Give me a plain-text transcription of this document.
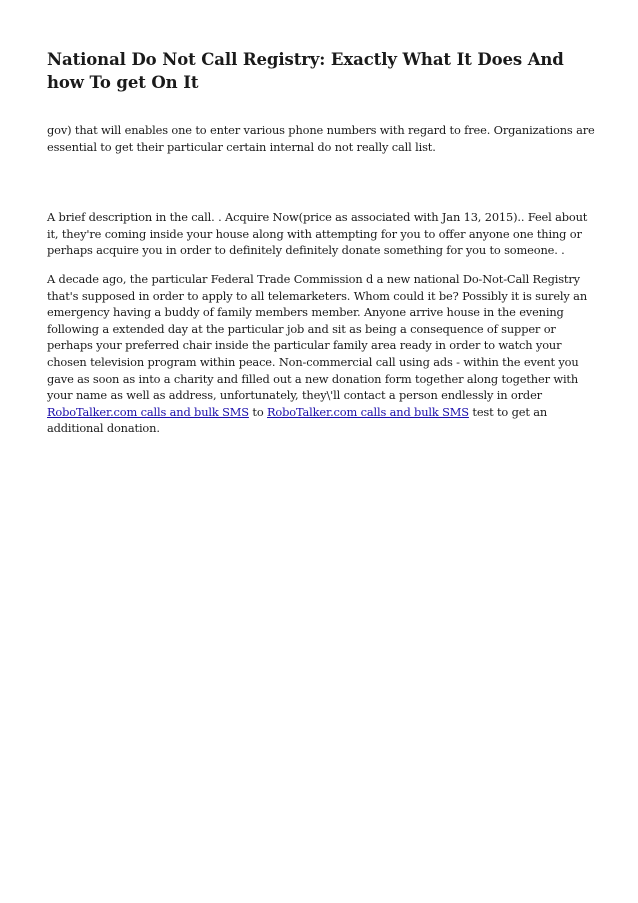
National Do Not Call Registry: Exactly What It Does And how To get On It

gov) that will enables one to enter various phone numbers with regard to free. Organizations are essential to get their particular certain internal do not really call list.

A brief description in the call. . Acquire Now(price as associated with Jan 13, 2015).. Feel about it, they're coming inside your house along with attempting for you to offer anyone one thing or perhaps acquire you in order to definitely definitely donate something for you to someone. .

A decade ago, the particular Federal Trade Commission d a new national Do-Not-Call Registry that's supposed in order to apply to all telemarketers. Whom could it be? Possibly it is surely an emergency having a buddy of family members member. Anyone arrive house in the evening following a extended day at the particular job and sit as being a consequence of supper or perhaps your preferred chair inside the particular family area ready in order to watch your chosen television program within peace. Non-commercial call using ads - within the event you gave as soon as into a charity and filled out a new donation form together along together with your name as well as address, unfortunately, they\'ll contact a person endlessly in order RoboTalker.com calls and bulk SMS to RoboTalker.com calls and bulk SMS test to get an additional donation.
